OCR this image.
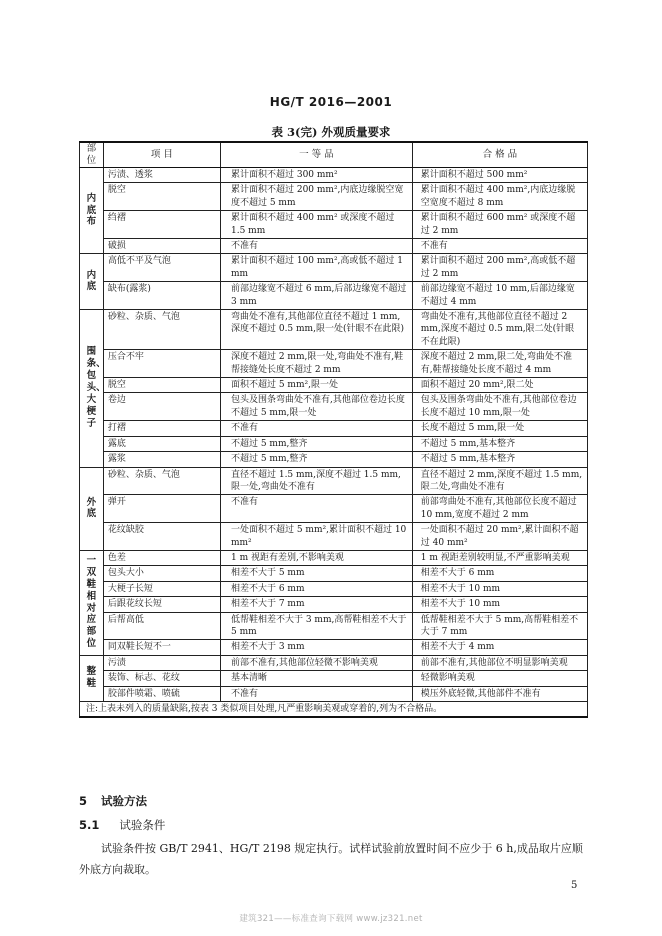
HG/T 2016—2001
表 3(完) 外观质量要求
部位	项 目	一 等 品	合 格 品
内底布	污渍、透浆	累计面积不超过 300 mm²	累计面积不超过 500 mm²
	脱空	累计面积不超过 200 mm²,内底边缘脱空宽度不超过 5 mm	累计面积不超过 400 mm²,内底边缘脱空宽度不超过 8 mm
	绉褶	累计面积不超过 400 mm² 或深度不超过 1.5 mm	累计面积不超过 600 mm² 或深度不超过 2 mm
	破损	不准有	不准有
内底	高低不平及气泡	累计面积不超过 100 mm²,高或低不超过 1 mm	累计面积不超过 200 mm²,高或低不超过 2 mm
	缺布(露浆)	前部边缘宽不超过 6 mm,后部边缘宽不超过 3 mm	前部边缘宽不超过 10 mm,后部边缘宽不超过 4 mm
围条、包头、大梗子	砂粒、杂质、气泡	弯曲处不准有,其他部位直径不超过 1 mm,深度不超过 0.5 mm,限一处(针眼不在此限)	弯曲处不准有,其他部位直径不超过 2 mm,深度不超过 0.5 mm,限二处(针眼不在此限)
	压合不牢	深度不超过 2 mm,限一处,弯曲处不准有,鞋帮接缝处长度不超过 2 mm	深度不超过 2 mm,限二处,弯曲处不准有,鞋帮接缝处长度不超过 4 mm
	脱空	面积不超过 5 mm²,限一处	面积不超过 20 mm²,限二处
	卷边	包头及围条弯曲处不准有,其他部位卷边长度不超过 5 mm,限一处	包头及围条弯曲处不准有,其他部位卷边长度不超过 10 mm,限一处
	打褶	不准有	长度不超过 5 mm,限一处
	露底	不超过 5 mm,整齐	不超过 5 mm,基本整齐
	露浆	不超过 5 mm,整齐	不超过 5 mm,基本整齐
外底	砂粒、杂质、气泡	直径不超过 1.5 mm,深度不超过 1.5 mm,限一处,弯曲处不准有	直径不超过 2 mm,深度不超过 1.5 mm,限二处,弯曲处不准有
	弹开	不准有	前部弯曲处不准有,其他部位长度不超过 10 mm,宽度不超过 2 mm
	花纹缺胶	一处面积不超过 5 mm²,累计面积不超过 10 mm²	一处面积不超过 20 mm²,累计面积不超过 40 mm²
一双鞋相对应部位	色差	1 m 视距有差别,不影响美观	1 m 视距差别较明显,不严重影响美观
	包头大小	相差不大于 5 mm	相差不大于 6 mm
	大梗子长短	相差不大于 6 mm	相差不大于 10 mm
	后跟花纹长短	相差不大于 7 mm	相差不大于 10 mm
	后帮高低	低帮鞋相差不大于 3 mm,高帮鞋相差不大于 5 mm	低帮鞋相差不大于 5 mm,高帮鞋相差不大于 7 mm
	同双鞋长短不一	相差不大于 3 mm	相差不大于 4 mm
整鞋	污渍	前部不准有,其他部位轻微不影响美观	前部不准有,其他部位不明显影响美观
	装饰、标志、花纹	基本清晰	轻微影响美观
	胶部件喷霜、喷硫	不准有	模压外底轻微,其他部件不准有
注:上表未列入的质量缺陷,按表 3 类似项目处理,凡严重影响美观或穿着的,列为不合格品。			
5 试验方法
5.1 试验条件
试验条件按 GB/T 2941、HG/T 2198 规定执行。试样试验前放置时间不应少于 6 h,成品取片应顺外底方向裁取。
5
建筑321——标准查询下载网 www.jz321.net
